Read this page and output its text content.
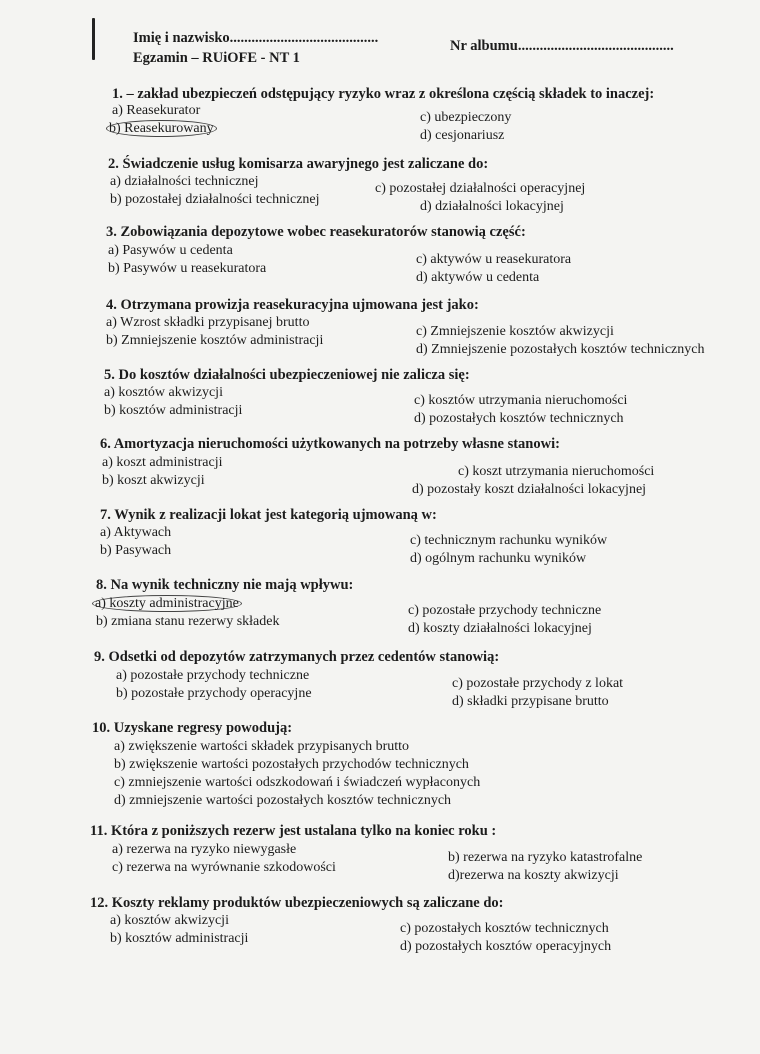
Imię i nazwisko.........................................	Nr albumu...........................................
Egzamin – RUiOFE - NT 1
1. – zakład ubezpieczeń odstępujący ryzyko wraz z określona częścią składek to inaczej:
a) Reasekurator
b) Reasekurowany
c) ubezpieczony
d) cesjonariusz
2. Świadczenie usług komisarza awaryjnego jest zaliczane do:
a) działalności technicznej
b) pozostałej działalności technicznej
c) pozostałej działalności operacyjnej
d) działalności lokacyjnej
3. Zobowiązania depozytowe wobec reasekuratorów stanowią część:
a) Pasywów u cedenta
b) Pasywów u reasekuratora
c) aktywów u reasekuratora
d) aktywów u cedenta
4. Otrzymana prowizja reasekuracyjna ujmowana jest jako:
a) Wzrost składki przypisanej brutto
b) Zmniejszenie kosztów administracji
c) Zmniejszenie kosztów akwizycji
d) Zmniejszenie pozostałych kosztów technicznych
5. Do kosztów działalności ubezpieczeniowej nie zalicza się:
a) kosztów akwizycji
b) kosztów administracji
c) kosztów utrzymania nieruchomości
d) pozostałych kosztów technicznych
6. Amortyzacja nieruchomości użytkowanych na potrzeby własne stanowi:
a) koszt administracji
b) koszt akwizycji
c) koszt utrzymania nieruchomości
d) pozostały koszt działalności lokacyjnej
7. Wynik z realizacji lokat jest kategorią ujmowaną w:
a) Aktywach
b) Pasywach
c) technicznym rachunku wyników
d) ogólnym rachunku wyników
8. Na wynik techniczny nie mają wpływu:
a) koszty administracyjne
b) zmiana stanu rezerwy składek
c) pozostałe przychody techniczne
d) koszty działalności lokacyjnej
9. Odsetki od depozytów zatrzymanych przez cedentów stanowią:
a) pozostałe przychody techniczne
b) pozostałe przychody operacyjne
c) pozostałe przychody z lokat
d) składki przypisane brutto
10. Uzyskane regresy powodują:
a) zwiększenie wartości składek przypisanych brutto
b) zwiększenie wartości pozostałych przychodów technicznych
c) zmniejszenie wartości odszkodowań i świadczeń wypłaconych
d) zmniejszenie wartości pozostałych kosztów technicznych
11. Która z poniższych rezerw jest ustalana tylko na koniec roku :
a) rezerwa na ryzyko niewygasłe
c) rezerwa na wyrównanie szkodowości
b) rezerwa na ryzyko katastrofalne
d)rezerwa na koszty akwizycji
12. Koszty reklamy produktów ubezpieczeniowych są zaliczane do:
a) kosztów akwizycji
b) kosztów administracji
c) pozostałych kosztów technicznych
d) pozostałych kosztów operacyjnych
